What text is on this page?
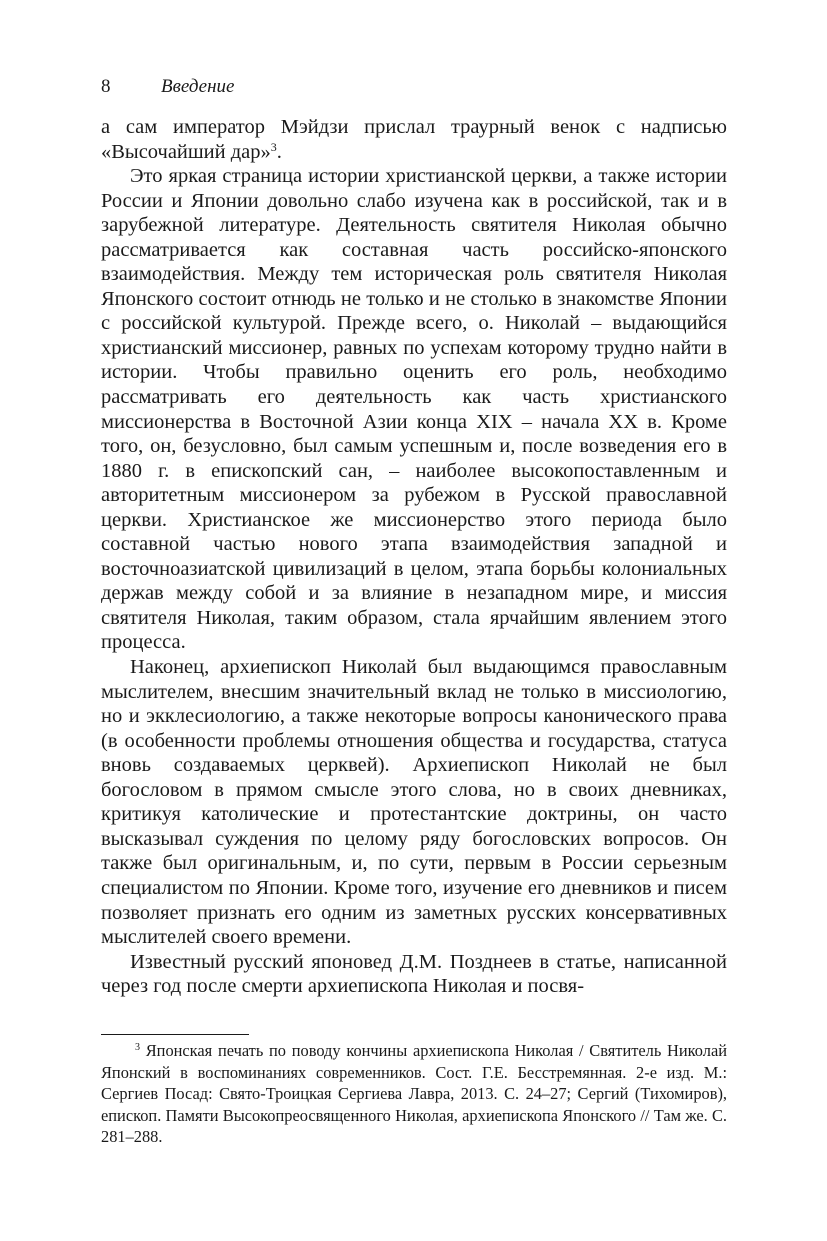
8	Введение

а сам император Мэйдзи прислал траурный венок с надписью «Высочайший дар»$^3$.

Это яркая страница истории христианской церкви, а также истории России и Японии довольно слабо изучена как в российской, так и в зарубежной литературе. Деятельность святителя Николая обычно рассматривается как составная часть российско-японского взаимодействия. Между тем историческая роль святителя Николая Японского состоит отнюдь не только и не столько в знакомстве Японии с российской культурой. Прежде всего, о. Николай – выдающийся христианский миссионер, равных по успехам которому трудно найти в истории. Чтобы правильно оценить его роль, необходимо рассматривать его деятельность как часть христианского миссионерства в Восточной Азии конца XIX – начала XX в. Кроме того, он, безусловно, был самым успешным и, после возведения его в 1880 г. в епископский сан, – наиболее высокопоставленным и авторитетным миссионером за рубежом в Русской православной церкви. Христианское же миссионерство этого периода было составной частью нового этапа взаимодействия западной и восточноазиатской цивилизаций в целом, этапа борьбы колониальных держав между собой и за влияние в незападном мире, и миссия святителя Николая, таким образом, стала ярчайшим явлением этого процесса.

Наконец, архиепископ Николай был выдающимся православным мыслителем, внесшим значительный вклад не только в миссиологию, но и экклесиологию, а также некоторые вопросы канонического права (в особенности проблемы отношения общества и государства, статуса вновь создаваемых церквей). Архиепископ Николай не был богословом в прямом смысле этого слова, но в своих дневниках, критикуя католические и протестантские доктрины, он часто высказывал суждения по целому ряду богословских вопросов. Он также был оригинальным, и, по сути, первым в России серьезным специалистом по Японии. Кроме того, изучение его дневников и писем позволяет признать его одним из заметных русских консервативных мыслителей своего времени.

Известный русский японовед Д.М. Позднеев в статье, написанной через год после смерти архиепископа Николая и посвя-

$^3$ Японская печать по поводу кончины архиепископа Николая / Святитель Николай Японский в воспоминаниях современников. Сост. Г.Е. Бесстремянная. 2-е изд. М.: Сергиев Посад: Свято-Троицкая Сергиева Лавра, 2013. С. 24–27; Сергий (Тихомиров), епископ. Памяти Высокопреосвященного Николая, архиепископа Японского // Там же. С. 281–288.
